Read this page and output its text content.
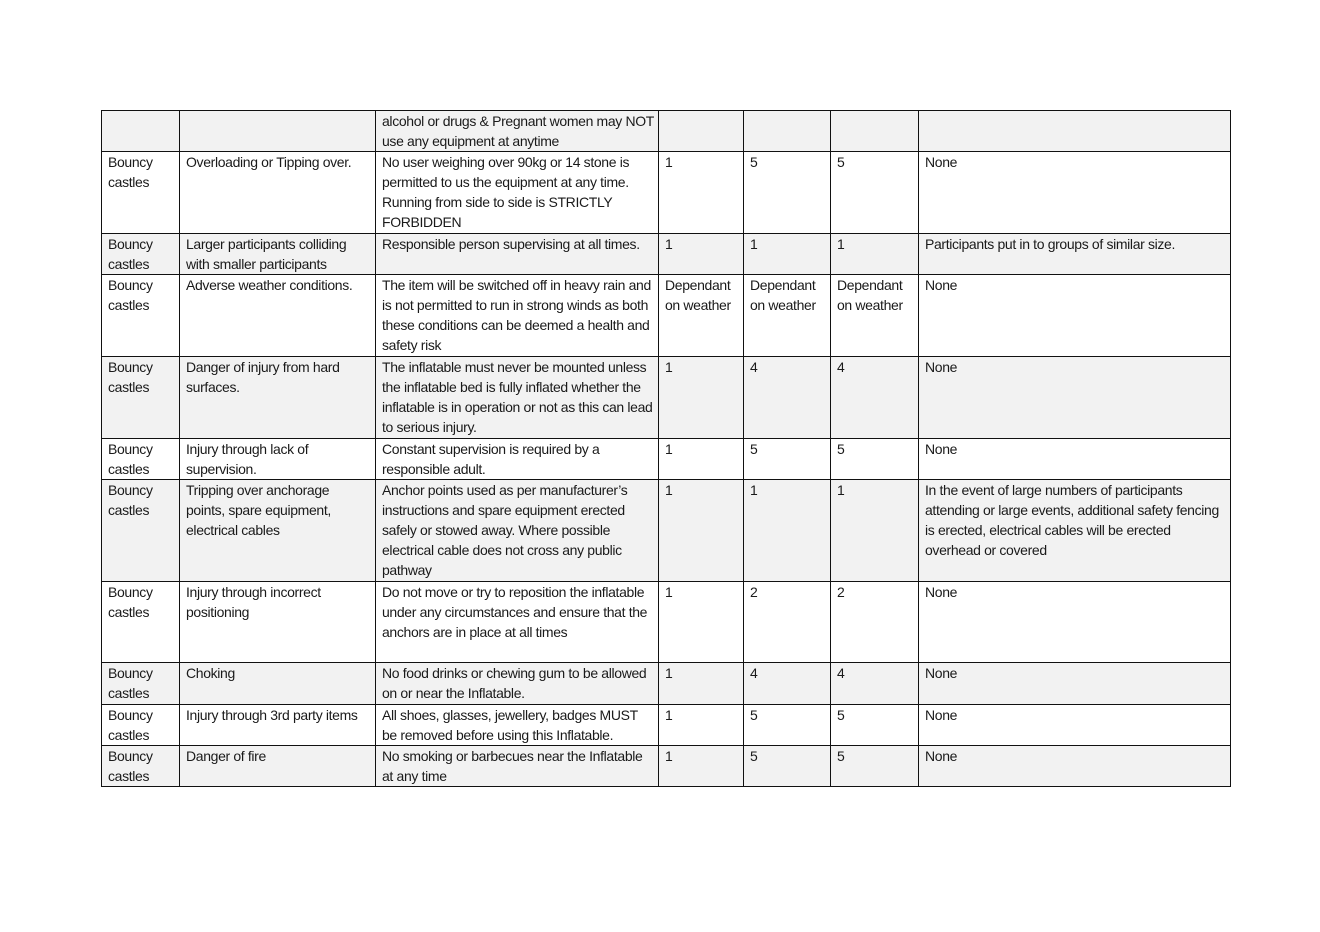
		alcohol or drugs & Pregnant women may NOT use any equipment at anytime				
Bouncy castles	Overloading or Tipping over.	No user weighing over 90kg or 14 stone is permitted to us the equipment at any time. Running from side to side is STRICTLY FORBIDDEN	1	5	5	None
Bouncy castles	Larger participants colliding with smaller participants	Responsible person supervising at all times.	1	1	1	Participants put in to groups of similar size.
Bouncy castles	Adverse weather conditions.	The item will be switched off in heavy rain and is not permitted to run in strong winds as both these conditions can be deemed a health and safety risk	Dependant on weather	Dependant on weather	Dependant on weather	None
Bouncy castles	Danger of injury from hard surfaces.	The inflatable must never be mounted unless the inflatable bed is fully inflated whether the inflatable is in operation or not as this can lead to serious injury.	1	4	4	None
Bouncy castles	Injury through lack of supervision.	Constant supervision is required by a responsible adult.	1	5	5	None
Bouncy castles	Tripping over anchorage points, spare equipment, electrical cables	Anchor points used as per manufacturer’s instructions and spare equipment erected safely or stowed away. Where possible electrical cable does not cross any public pathway	1	1	1	In the event of large numbers of participants attending or large events, additional safety fencing is erected, electrical cables will be erected overhead or covered
Bouncy castles	Injury through incorrect positioning	Do not move or try to reposition the inflatable under any circumstances and ensure that the anchors are in place at all times	1	2	2	None
Bouncy castles	Choking	No food drinks or chewing gum to be allowed on or near the Inflatable.	1	4	4	None
Bouncy castles	Injury through 3rd party items	All shoes, glasses, jewellery, badges MUST be removed before using this Inflatable.	1	5	5	None
Bouncy castles	Danger of fire	No smoking or barbecues near the Inflatable at any time	1	5	5	None
